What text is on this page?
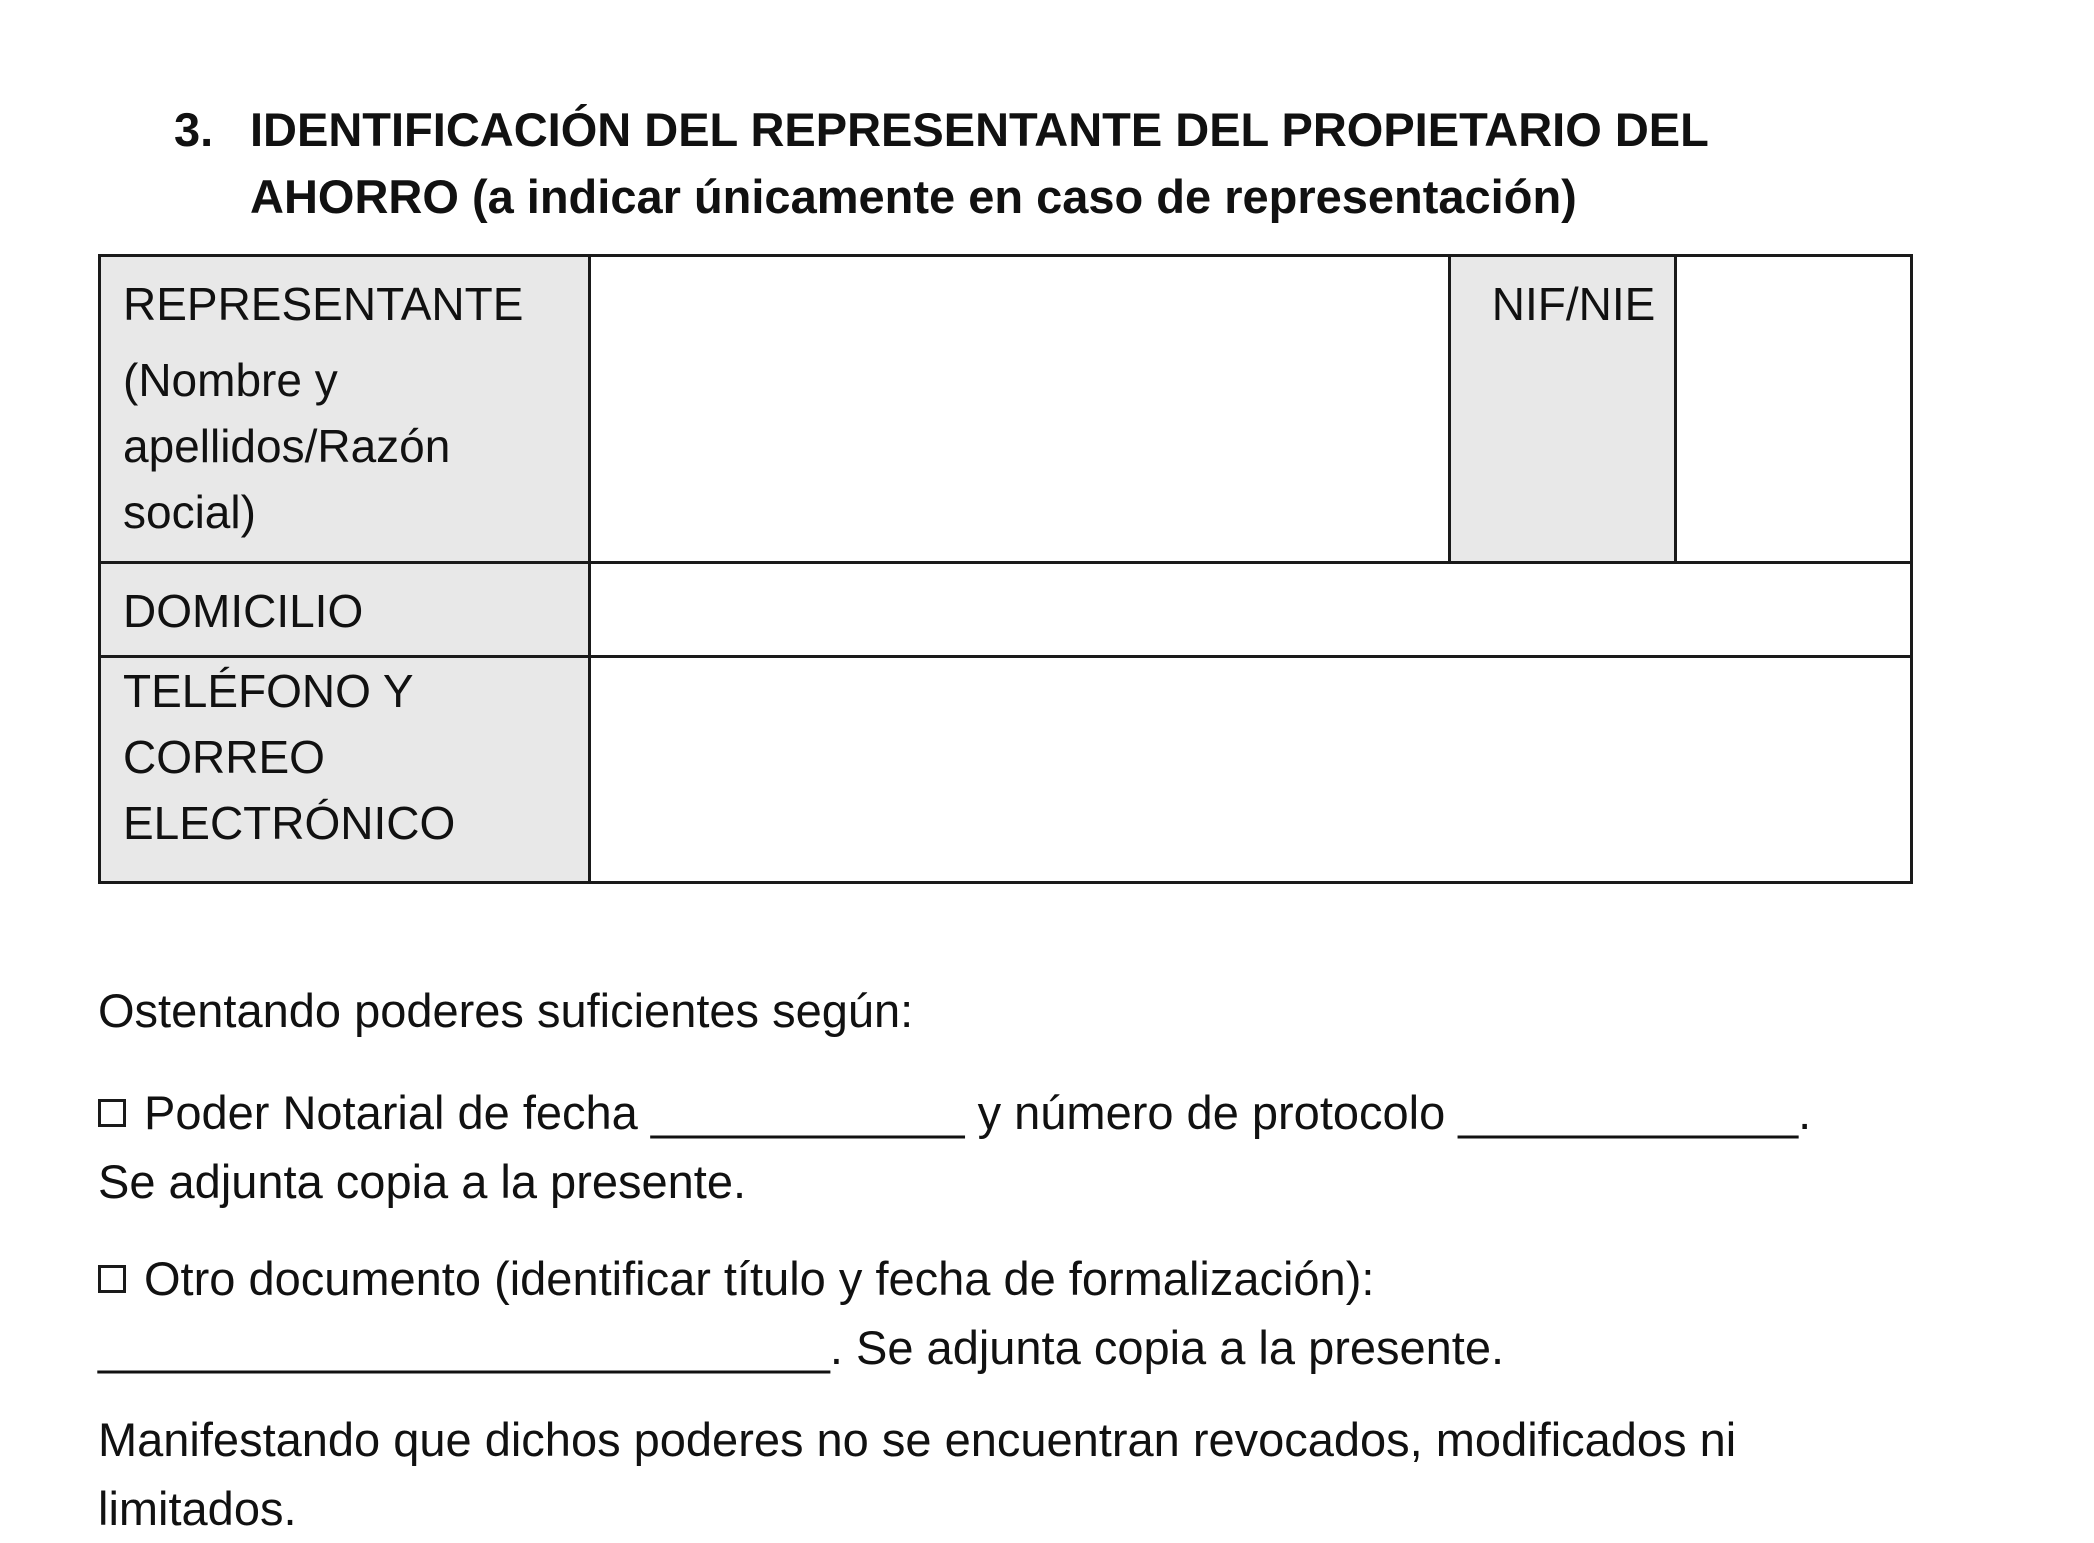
3. IDENTIFICACIÓN DEL REPRESENTANTE DEL PROPIETARIO DEL
AHORRO (a indicar únicamente en caso de representación)
REPRESENTANTE
(Nombre y
apellidos/Razón
social)		NIF/NIE	
DOMICILIO			
TELÉFONO Y
CORREO
ELECTRÓNICO			
Ostentando poderes suficientes según:
Poder Notarial de fecha ____________ y número de protocolo _____________.
Se adjunta copia a la presente.
Otro documento (identificar título y fecha de formalización):
____________________________. Se adjunta copia a la presente.
Manifestando que dichos poderes no se encuentran revocados, modificados ni
limitados.
